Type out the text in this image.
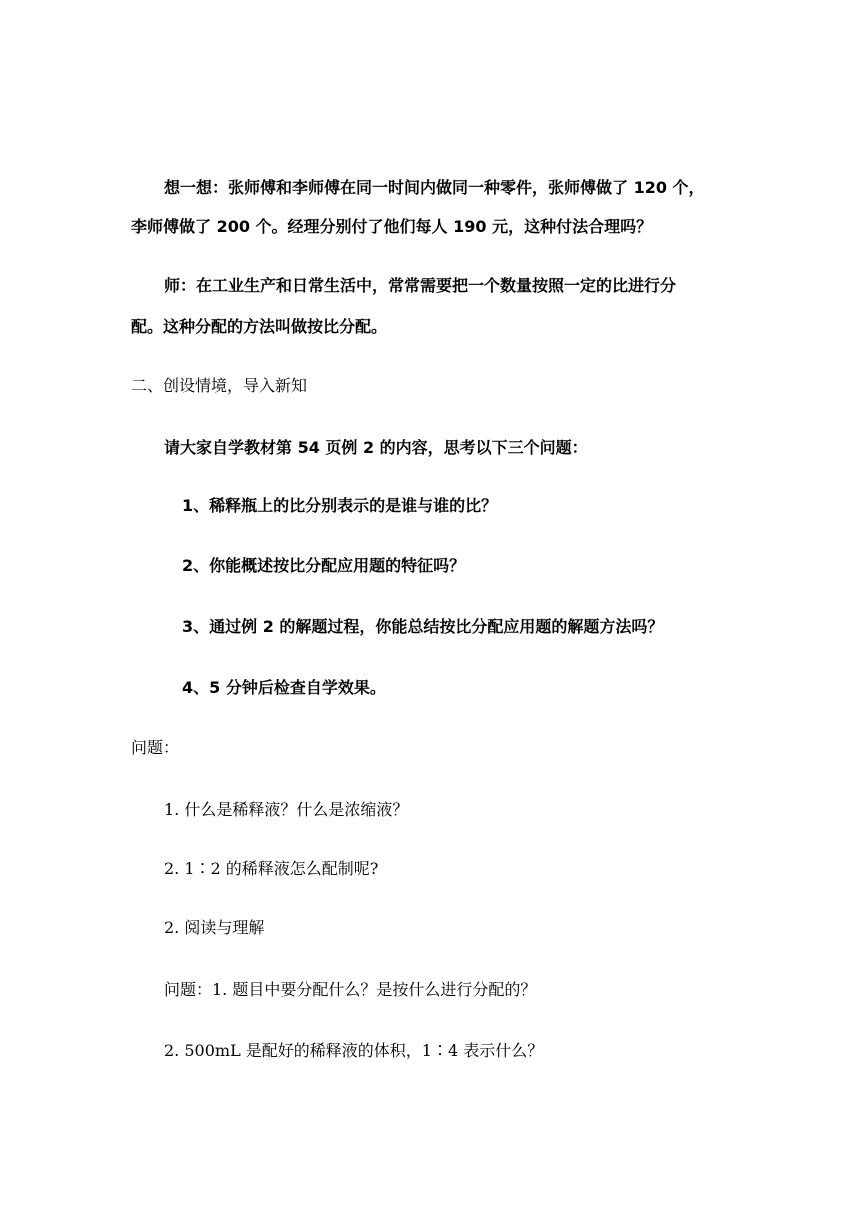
想一想：张师傅和李师傅在同一时间内做同一种零件，张师傅做了 120 个，
李师傅做了 200 个。经理分别付了他们每人 190 元，这种付法合理吗？
师：在工业生产和日常生活中，常常需要把一个数量按照一定的比进行分
配。这种分配的方法叫做按比分配。
二、创设情境，导入新知
请大家自学教材第 54 页例 2 的内容，思考以下三个问题：
1、稀释瓶上的比分别表示的是谁与谁的比？
2、你能概述按比分配应用题的特征吗？
3、通过例 2 的解题过程，你能总结按比分配应用题的解题方法吗？
4、5 分钟后检查自学效果。
问题：
1. 什么是稀释液？什么是浓缩液？
2. 1∶2 的稀释液怎么配制呢?
2. 阅读与理解
问题：1. 题目中要分配什么？是按什么进行分配的？
2. 500mL 是配好的稀释液的体积，1∶4 表示什么？
